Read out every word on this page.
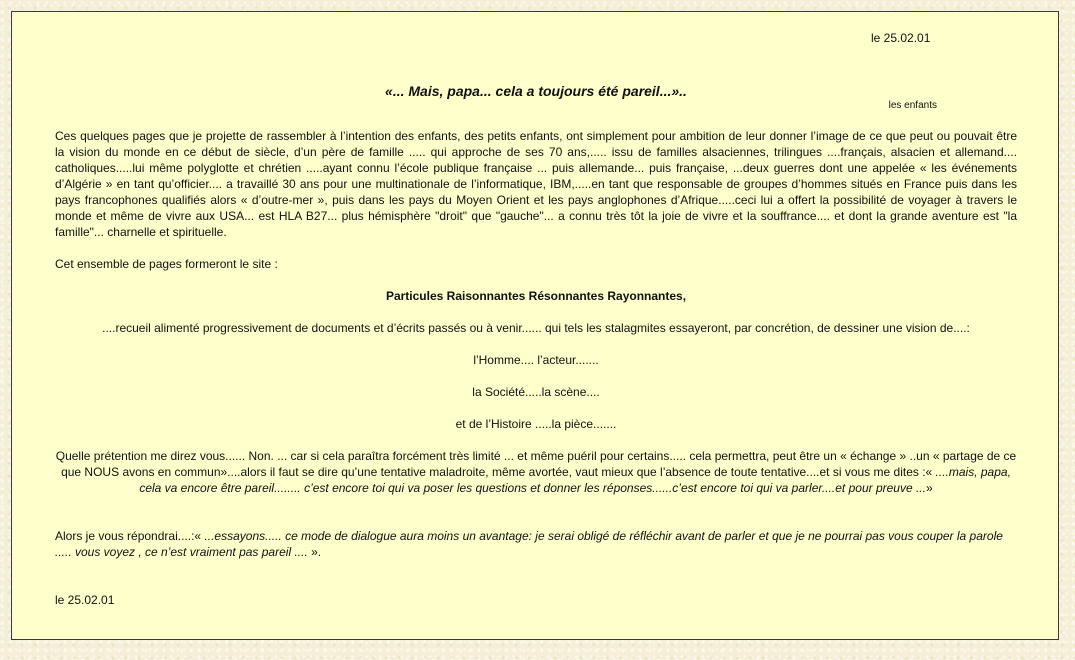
le 25.02.01
«... Mais, papa... cela a toujours été pareil...»..
les enfants

Ces quelques pages que je projette de rassembler à l’intention des enfants, des petits enfants, ont simplement pour ambition de leur donner l’image de ce que peut ou pouvait être la vision du monde en ce début de siècle, d’un père de famille ..... qui approche de ses 70 ans,..... issu de familles alsaciennes, trilingues ....français, alsacien et allemand.... catholiques.....lui même polyglotte et chrétien .....ayant connu l’école publique française ... puis allemande... puis française, ...deux guerres dont une appelée « les événements d’Algérie » en tant qu’officier.... a travaillé 30 ans pour une multinationale de l’informatique, IBM,.....en tant que responsable de groupes d’hommes situés en France puis dans les pays francophones qualifiés alors « d’outre-mer », puis dans les pays du Moyen Orient et les pays anglophones d’Afrique.....ceci lui a offert la possibilité de voyager à travers le monde et même de vivre aux USA... est HLA B27... plus hémisphère "droit" que "gauche"... a connu très tôt la joie de vivre et la souffrance.... et dont la grande aventure est "la famille"... charnelle et spirituelle.

Cet ensemble de pages formeront le site :

Particules Raisonnantes Résonnantes Rayonnantes,

....recueil alimenté progressivement de documents et d’écrits passés ou à venir...... qui tels les stalagmites essayeront, par concrétion, de dessiner une vision de....:

l’Homme.... l’acteur.......

la Société.....la scène....

et de l’Histoire .....la pièce.......

Quelle prétention me direz vous...... Non. ... car si cela paraîtra forcément très limité ... et même puéril pour certains..... cela permettra, peut être un « échange » ..un « partage de ce que NOUS avons en commun»....alors il faut se dire qu’une tentative maladroite, même avortée, vaut mieux que l’absence de toute tentative....et si vous me dites :« ....mais, papa, cela va encore être pareil........ c’est encore toi qui va poser les questions et donner les réponses......c’est encore toi qui va parler....et pour preuve ...»

Alors je vous répondrai....:« ...essayons..... ce mode de dialogue aura moins un avantage: je serai obligé de réfléchir avant de parler et que je ne pourrai pas vous couper la parole ..... vous voyez , ce n’est vraiment pas pareil .... ».

le 25.02.01
